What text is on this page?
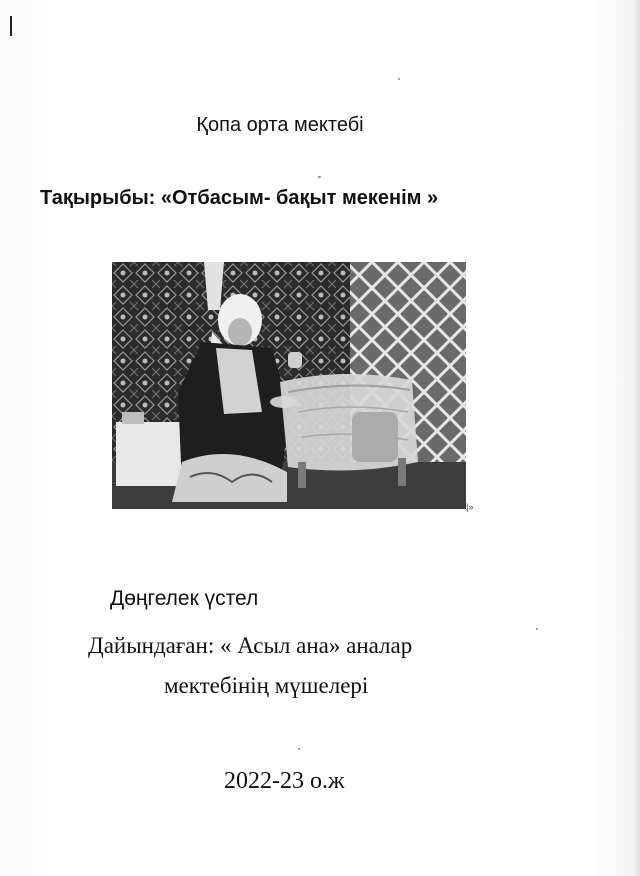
Қопа орта мектебі
Тақырыбы: «Отбасым- бақыт мекенім »
|»
Дөңгелек үстел
Дайындаған: « Асыл ана» аналар
мектебінің мүшелері
2022-23 о.ж
